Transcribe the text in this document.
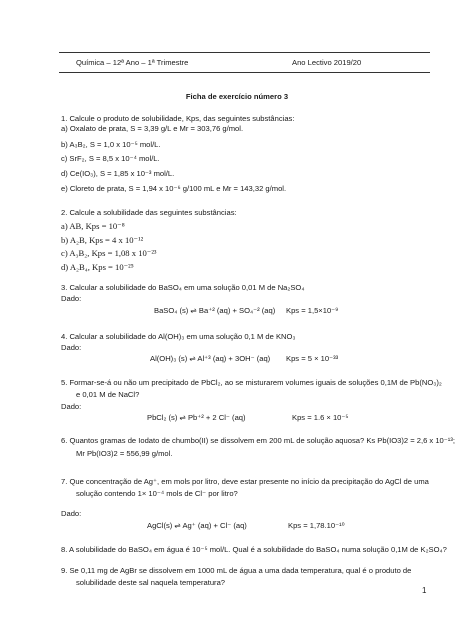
Química – 12ª Ano – 1ª Trimestre	Ano Lectivo 2019/20
Ficha de exercício número 3
1. Calcule o produto de solubilidade, Kps, das seguintes substâncias:
a) Oxalato de prata, S = 3,39 g/L e Mr = 303,76 g/mol.
b) A₃B₂, S = 1,0 x 10⁻⁵ mol/L.
c) SrF₂, S = 8,5 x 10⁻⁴ mol/L.
d) Ce(IO₃), S = 1,85 x 10⁻³ mol/L.
e) Cloreto de prata, S = 1,94 x 10⁻⁶ g/100 mL e Mr = 143,32 g/mol.
2. Calcule a solubilidade das seguintes substâncias:
a) AB, Kps = 10⁻⁸
b) A₂B, Kps = 4 x 10⁻¹²
c) A₃B₂, Kps = 1,08 x 10⁻²³
d) A₂B₄, Kps = 10⁻²⁵
3. Calcular a solubilidade do BaSO₄ em uma solução 0,01 M de Na₂SO₄
Dado:
BaSO₄ (s) ⇌ Ba⁺² (aq) + SO₄⁻² (aq) Kps = 1,5×10⁻⁹
4. Calcular a solubilidade do Al(OH)₃ em uma solução 0,1 M de KNO₃
Dado:
Al(OH)₃ (s) ⇌ Al⁺³ (aq) + 3OH⁻ (aq) Kps = 5 × 10⁻³³
5. Formar-se-á ou não um precipitado de PbCl₂, ao se misturarem volumes iguais de soluções 0,1M de Pb(NO₃)₂
e 0,01 M de NaCl?
Dado:
PbCl₂ (s) ⇌ Pb⁺² + 2 Cl⁻ (aq)	Kps = 1.6 × 10⁻⁵
6. Quantos gramas de Iodato de chumbo(II) se dissolvem em 200 mL de solução aquosa? Ks Pb(IO3)2 = 2,6 x 10⁻¹³;
Mr Pb(IO3)2 = 556,99 g/mol.
7. Que concentração de Ag⁺, em mols por litro, deve estar presente no início da precipitação do AgCl de uma
solução contendo 1× 10⁻⁴ mols de Cl⁻ por litro?
Dado:
AgCl(s) ⇌ Ag⁺ (aq) + Cl⁻ (aq)	Kps = 1,78.10⁻¹⁰
8. A solubilidade do BaSO₄ em água é 10⁻⁵ mol/L. Qual é a solubilidade do BaSO₄ numa solução 0,1M de K₂SO₄?
9. Se 0,11 mg de AgBr se dissolvem em 1000 mL de água a uma dada temperatura, qual é o produto de
solubilidade deste sal naquela temperatura?
1
